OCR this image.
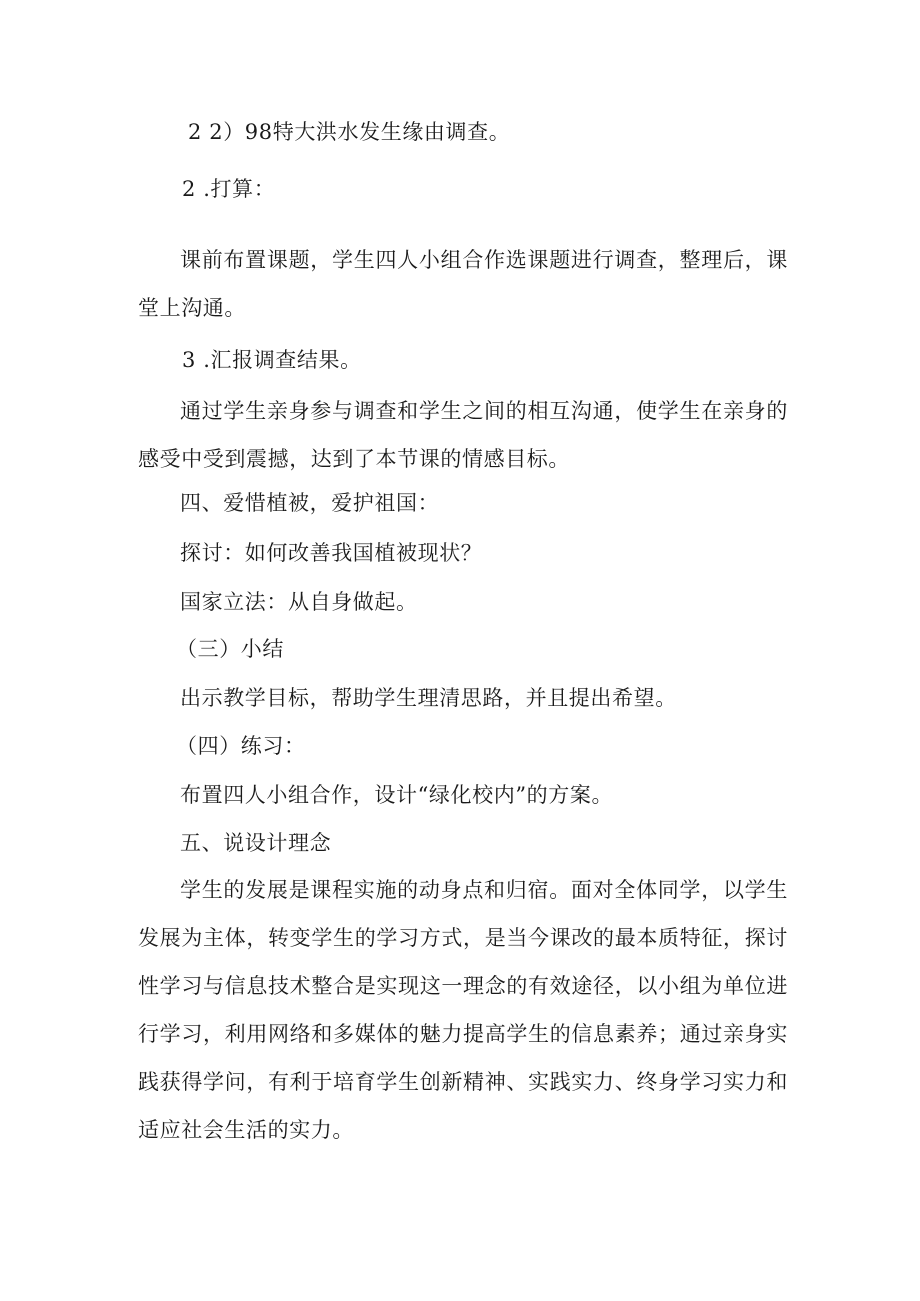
2 2）98特大洪水发生缘由调查。
2 .打算：
课前布置课题，学生四人小组合作选课题进行调查，整理后，课堂上沟通。
3 .汇报调查结果。
通过学生亲身参与调查和学生之间的相互沟通，使学生在亲身的感受中受到震撼，达到了本节课的情感目标。
四、爱惜植被，爱护祖国：
探讨：如何改善我国植被现状？
国家立法：从自身做起。
（三）小结
出示教学目标，帮助学生理清思路，并且提出希望。
（四）练习：
布置四人小组合作，设计“绿化校内”的方案。
五、说设计理念
学生的发展是课程实施的动身点和归宿。面对全体同学，以学生发展为主体，转变学生的学习方式，是当今课改的最本质特征，探讨性学习与信息技术整合是实现这一理念的有效途径，以小组为单位进行学习，利用网络和多媒体的魅力提高学生的信息素养；通过亲身实践获得学问，有利于培育学生创新精神、实践实力、终身学习实力和适应社会生活的实力。
